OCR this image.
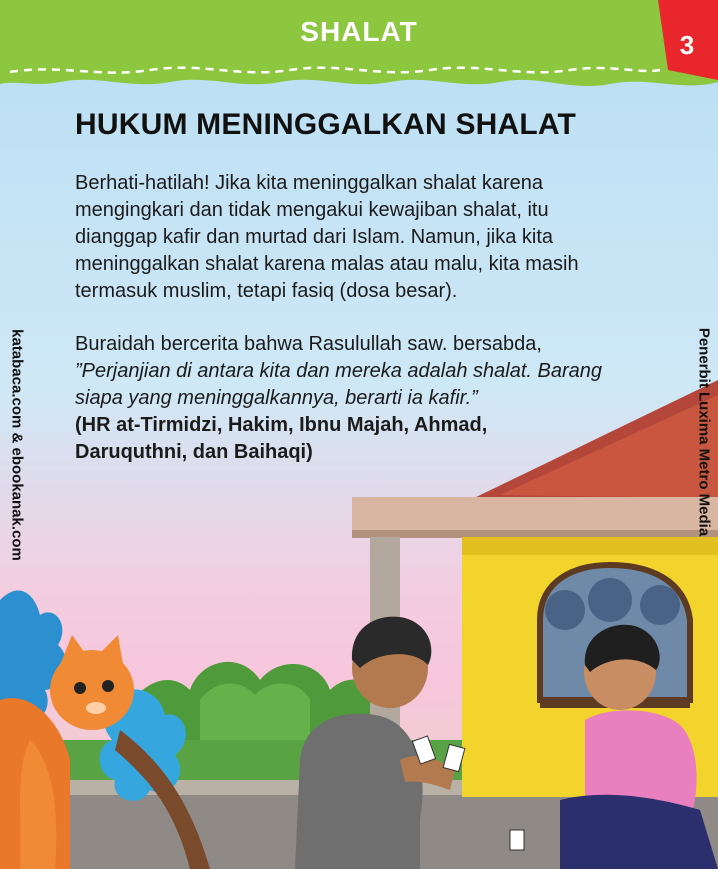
SHALAT	3
HUKUM MENINGGALKAN SHALAT

Berhati-hatilah! Jika kita meninggalkan shalat karena
mengingkari dan tidak mengakui kewajiban shalat, itu
dianggap kafir dan murtad dari Islam. Namun, jika kita
meninggalkan shalat karena malas atau malu, kita masih
termasuk muslim, tetapi fasiq (dosa besar).

Buraidah bercerita bahwa Rasulullah saw. bersabda,
”Perjanjian di antara kita dan mereka adalah shalat. Barang
siapa yang meninggalkannya, berarti ia kafir.”
(HR at-Tirmidzi, Hakim, Ibnu Majah, Ahmad,
Daruquthni, dan Baihaqi)

katabaca.com & ebookanak.com	Penerbit Luxima Metro Media
